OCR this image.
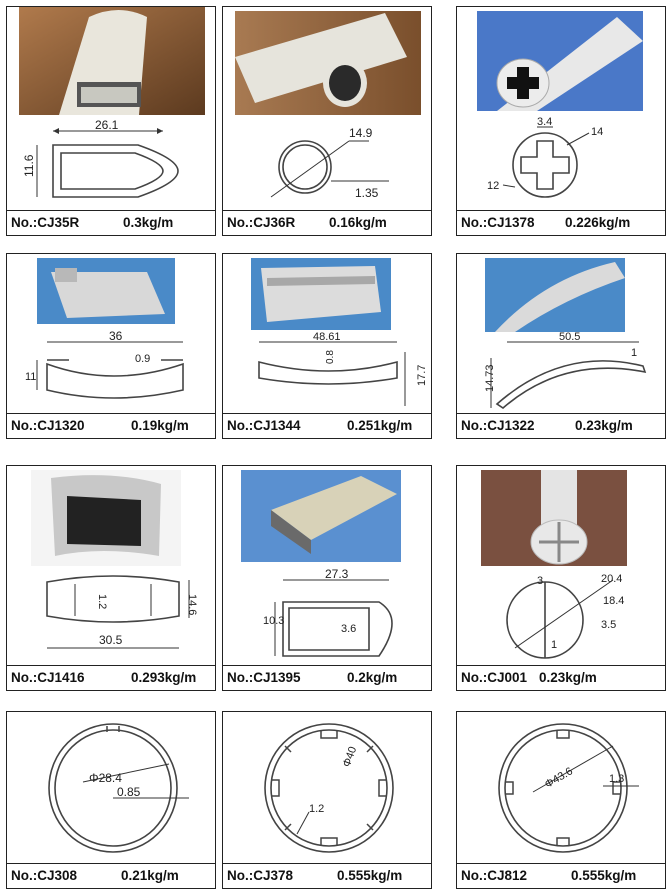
26.1
11.6
No.:CJ35R	0.3kg/m
14.9
1.35
No.:CJ36R 0.16kg/m
3.4
14
12
No.:CJ1378 0.226kg/m
36
0.9
11
No.:CJ1320	0.19kg/m
48.61
0.8
17.7
No.:CJ1344	0.251kg/m
50.5
14.73
1
No.:CJ1322	0.23kg/m
1.2	14.6
30.5
No.:CJ1416	0.293kg/m
27.3
10.3
3.6
No.:CJ1395	0.2kg/m
3	20.4
18.4
3.5
1
No.:CJ001 0.23kg/m
Φ28.4
0.85
No.:CJ308	0.21kg/m
Φ40
1.2
No.:CJ378	0.555kg/m
Φ43.6	1.3
No.:CJ812	0.555kg/m
